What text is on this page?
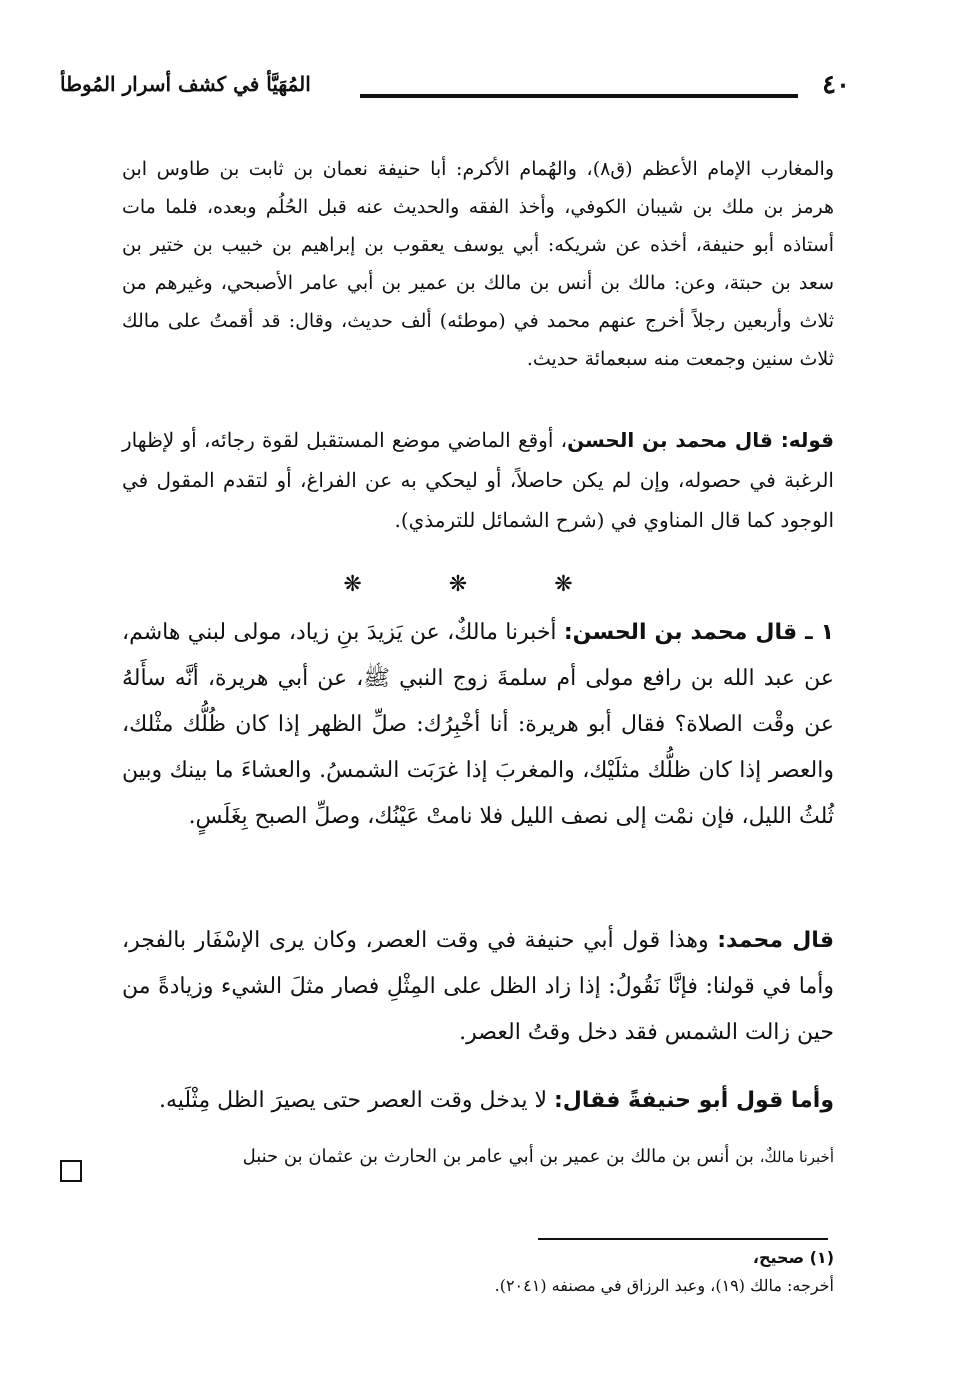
٤٠
المُهَيَّأ في كشف أسرار المُوطأ

والمغارب الإمام الأعظم (ق٨)، والهُمام الأكرم: أبا حنيفة نعمان بن ثابت بن طاوس ابن هرمز بن ملك بن شيبان الكوفي، وأخذ الفقه والحديث عنه قبل الحُلُم وبعده، فلما مات أستاذه أبو حنيفة، أخذه عن شريكه: أبي يوسف يعقوب بن إبراهيم بن خبيب بن ختير بن سعد بن حبتة، وعن: مالك بن أنس بن مالك بن عمير بن أبي عامر الأصبحي، وغيرهم من ثلاث وأربعين رجلاً أخرج عنهم محمد في (موطئه) ألف حديث، وقال: قد أقمتُ على مالك ثلاث سنين وجمعت منه سبعمائة حديث.

قوله: قال محمد بن الحسن، أوقع الماضي موضع المستقبل لقوة رجائه، أو لإظهار الرغبة في حصوله، وإن لم يكن حاصلاً، أو ليحكي به عن الفراغ، أو لتقدم المقول في الوجود كما قال المناوي في (شرح الشمائل للترمذي).

❋ ❋ ❋

١ ـ قال محمد بن الحسن: أخبرنا مالكٌ، عن يَزيدَ بنِ زياد، مولى لبني هاشم، عن عبد الله بن رافع مولى أم سلمةَ زوج النبي ﷺ، عن أبي هريرة، أنَّه سأَلهُ عن وقْت الصلاة؟ فقال أبو هريرة: أنا أخْبِرُك: صلِّ الظهر إذا كان ظُلُّك مثْلك، والعصر إذا كان ظلُّك مثلَيْك، والمغربَ إذا غرَبَت الشمسُ. والعشاءَ ما بينك وبين ثُلثُ الليل، فإن نمْت إلى نصف الليل فلا نامتْ عَيْنُك، وصلِّ الصبح بِغَلَسٍ.

قال محمد: وهذا قول أبي حنيفة في وقت العصر، وكان يرى الإسْفَار بالفجر، وأما في قولنا: فإنَّا نَقُولُ: إذا زاد الظل على المِثْلِ فصار مثلَ الشيء وزيادةً من حين زالت الشمس فقد دخل وقتُ العصر.

وأما قول أبو حنيفةً فقال: لا يدخل وقت العصر حتى يصيرَ الظل مِثْلَيه.

أخبرنا مالكٌ، بن أنس بن مالك بن عمير بن أبي عامر بن الحارث بن عثمان بن حنبل
(١) صحيح،
أخرجه: مالك (١٩)، وعبد الرزاق في مصنفه (٢٠٤١).
